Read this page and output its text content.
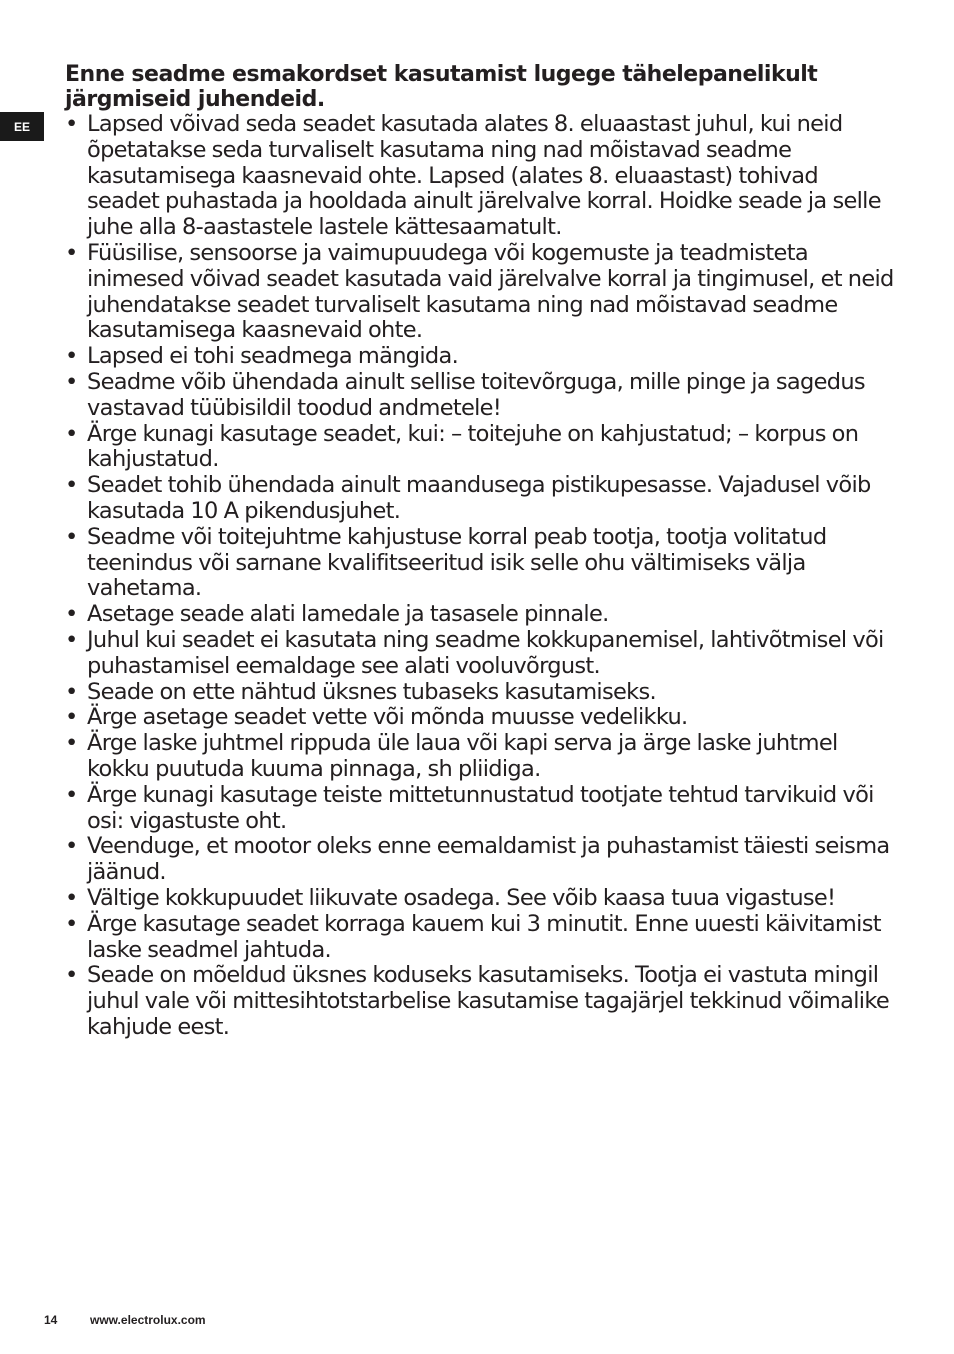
EE

Enne seadme esmakordset kasutamist lugege tähelepanelikult järgmiseid juhendeid.

• Lapsed võivad seda seadet kasutada alates 8. eluaastast juhul, kui neid õpetatakse seda turvaliselt kasutama ning nad mõistavad seadme kasutamisega kaasnevaid ohte. Lapsed (alates 8. eluaastast) tohivad seadet puhastada ja hooldada ainult järelvalve korral. Hoidke seade ja selle juhe alla 8-aastastele lastele kättesaamatult.
• Füüsilise, sensoorse ja vaimupuudega või kogemuste ja teadmisteta inimesed võivad seadet kasutada vaid järelvalve korral ja tingimusel, et neid juhendatakse seadet turvaliselt kasutama ning nad mõistavad seadme kasutamisega kaasnevaid ohte.
• Lapsed ei tohi seadmega mängida.
• Seadme võib ühendada ainult sellise toitevõrguga, mille pinge ja sagedus vastavad tüübisildil toodud andmetele!
• Ärge kunagi kasutage seadet, kui: – toitejuhe on kahjustatud; – korpus on kahjustatud.
• Seadet tohib ühendada ainult maandusega pistikupesasse. Vajadusel võib kasutada 10 A pikendusjuhet.
• Seadme või toitejuhtme kahjustuse korral peab tootja, tootja volitatud teenindus või sarnane kvalifitseeritud isik selle ohu vältimiseks välja vahetama.
• Asetage seade alati lamedale ja tasasele pinnale.
• Juhul kui seadet ei kasutata ning seadme kokkupanemisel, lahtivõtmisel või puhastamisel eemaldage see alati vooluvõrgust.
• Seade on ette nähtud üksnes tubaseks kasutamiseks.
• Ärge asetage seadet vette või mõnda muusse vedelikku.
• Ärge laske juhtmel rippuda üle laua või kapi serva ja ärge laske juhtmel kokku puutuda kuuma pinnaga, sh pliidiga.
• Ärge kunagi kasutage teiste mittetunnustatud tootjate tehtud tarvikuid või osi: vigastuste oht.
• Veenduge, et mootor oleks enne eemaldamist ja puhastamist täiesti seisma jäänud.
• Vältige kokkupuudet liikuvate osadega. See võib kaasa tuua vigastuse!
• Ärge kasutage seadet korraga kauem kui 3 minutit. Enne uuesti käivitamist laske seadmel jahtuda.
• Seade on mõeldud üksnes koduseks kasutamiseks. Tootja ei vastuta mingil juhul vale või mittesihtotstarbelise kasutamise tagajärjel tekkinud võimalike kahjude eest.
14	www.electrolux.com
